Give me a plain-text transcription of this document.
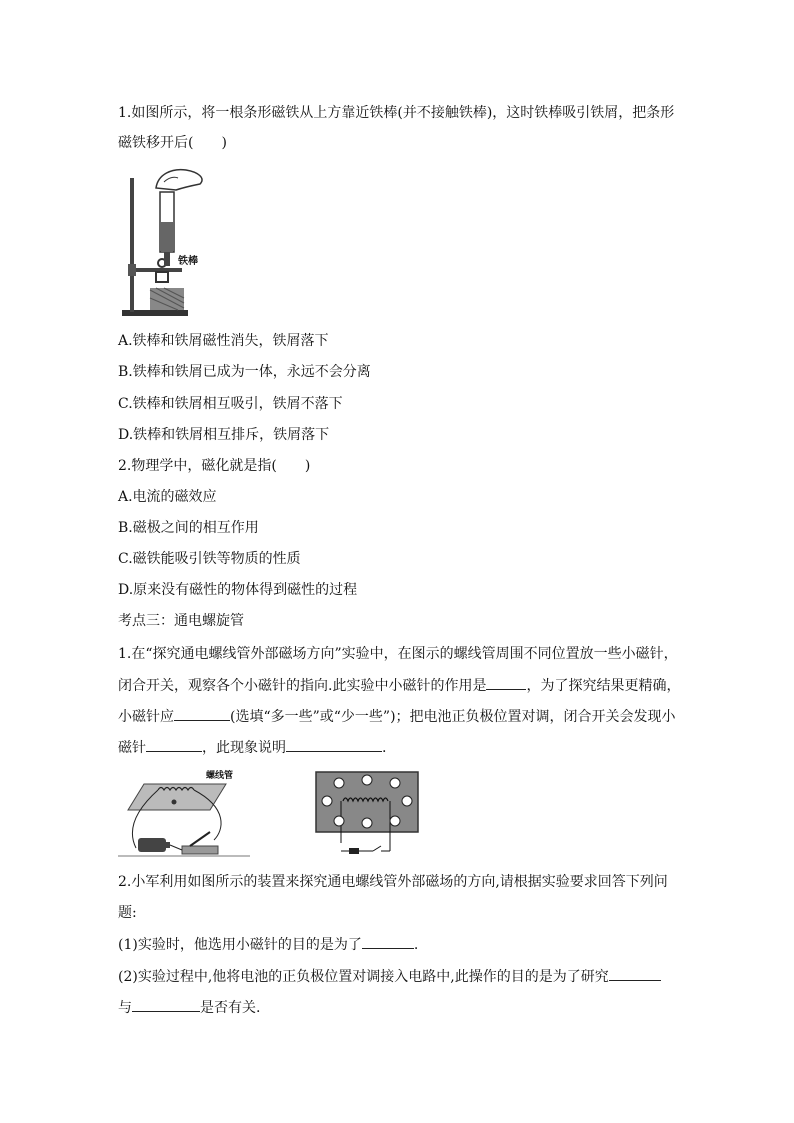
1.如图所示，将一根条形磁铁从上方靠近铁棒(并不接触铁棒)，这时铁棒吸引铁屑，把条形
磁铁移开后(　　)
铁棒
A.铁棒和铁屑磁性消失，铁屑落下
B.铁棒和铁屑已成为一体，永远不会分离
C.铁棒和铁屑相互吸引，铁屑不落下
D.铁棒和铁屑相互排斥，铁屑落下
2.物理学中，磁化就是指(　　)
A.电流的磁效应
B.磁极之间的相互作用
C.磁铁能吸引铁等物质的性质
D.原来没有磁性的物体得到磁性的过程
考点三：通电螺旋管
1.在“探究通电螺线管外部磁场方向”实验中，在图示的螺线管周围不同位置放一些小磁针，
闭合开关，观察各个小磁针的指向.此实验中小磁针的作用是	，为了探究结果更精确，
小磁针应	(选填“多一些”或“少一些”)；把电池正负极位置对调，闭合开关会发现小
磁针	，此现象说明	.
螺线管
2.小军利用如图所示的装置来探究通电螺线管外部磁场的方向,请根据实验要求回答下列问
题:
(1)实验时，他选用小磁针的目的是为了	.
(2)实验过程中,他将电池的正负极位置对调接入电路中,此操作的目的是为了研究
与	是否有关.
